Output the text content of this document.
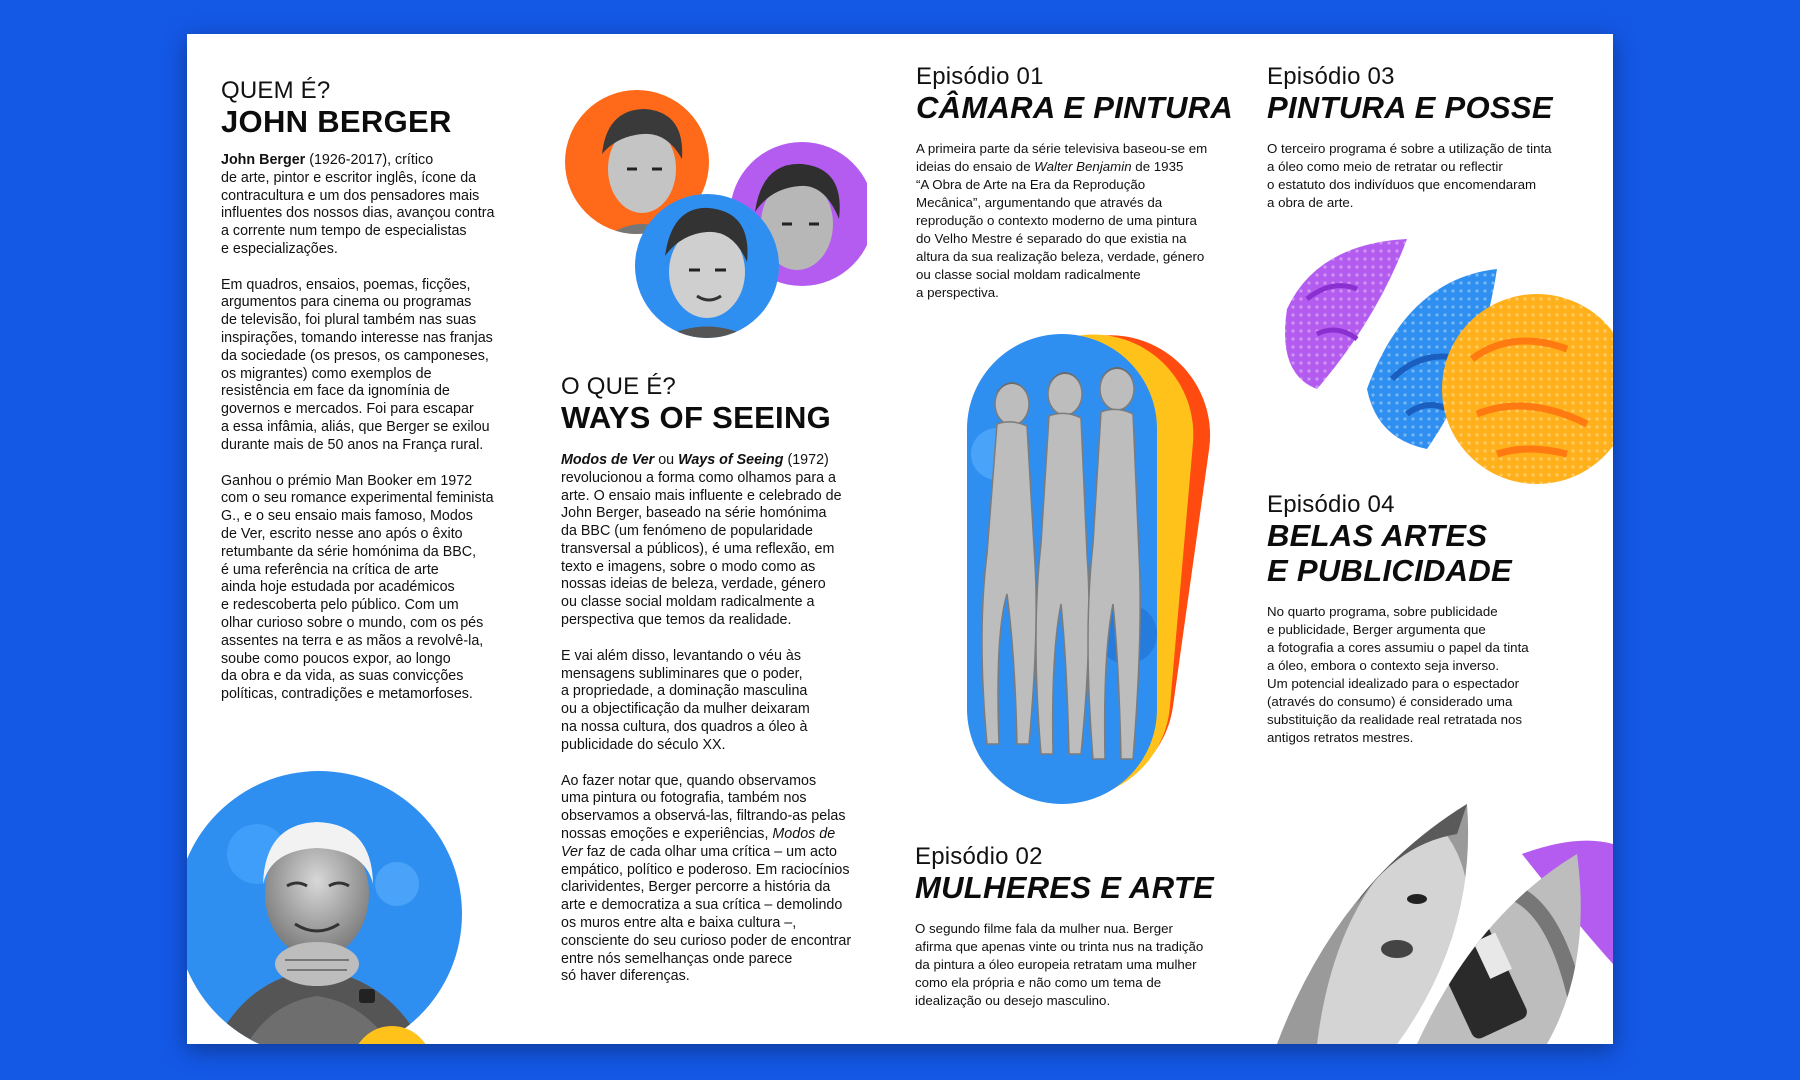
QUEM É?
JOHN BERGER

John Berger (1926-2017), crítico
de arte, pintor e escritor inglês, ícone da
contracultura e um dos pensadores mais
influentes dos nossos dias, avançou contra
a corrente num tempo de especialistas
e especializações.

Em quadros, ensaios, poemas, ficções,
argumentos para cinema ou programas
de televisão, foi plural também nas suas
inspirações, tomando interesse nas franjas
da sociedade (os presos, os camponeses,
os migrantes) como exemplos de
resistência em face da ignomínia de
governos e mercados. Foi para escapar
a essa infâmia, aliás, que Berger se exilou
durante mais de 50 anos na França rural.

Ganhou o prémio Man Booker em 1972
com o seu romance experimental feminista
G., e o seu ensaio mais famoso, Modos
de Ver, escrito nesse ano após o êxito
retumbante da série homónima da BBC,
é uma referência na crítica de arte
ainda hoje estudada por académicos
e redescoberta pelo público. Com um
olhar curioso sobre o mundo, com os pés
assentes na terra e as mãos a revolvê-la,
soube como poucos expor, ao longo
da obra e da vida, as suas convicções
políticas, contradições e metamorfoses.

O QUE É?
WAYS OF SEEING

Modos de Ver ou Ways of Seeing (1972)
revolucionou a forma como olhamos para a
arte. O ensaio mais influente e celebrado de
John Berger, baseado na série homónima
da BBC (um fenómeno de popularidade
transversal a públicos), é uma reflexão, em
texto e imagens, sobre o modo como as
nossas ideias de beleza, verdade, género
ou classe social moldam radicalmente a
perspectiva que temos da realidade.

E vai além disso, levantando o véu às
mensagens subliminares que o poder,
a propriedade, a dominação masculina
ou a objectificação da mulher deixaram
na nossa cultura, dos quadros a óleo à
publicidade do século XX.

Ao fazer notar que, quando observamos
uma pintura ou fotografia, também nos
observamos a observá-las, filtrando-as pelas
nossas emoções e experiências, Modos de
Ver faz de cada olhar uma crítica – um acto
empático, político e poderoso. Em raciocínios
clarividentes, Berger percorre a história da
arte e democratiza a sua crítica – demolindo
os muros entre alta e baixa cultura –,
consciente do seu curioso poder de encontrar
entre nós semelhanças onde parece
só haver diferenças.

Episódio 01
CÂMARA E PINTURA

A primeira parte da série televisiva baseou-se em
ideias do ensaio de Walter Benjamin de 1935
“A Obra de Arte na Era da Reprodução
Mecânica”, argumentando que através da
reprodução o contexto moderno de uma pintura
do Velho Mestre é separado do que existia na
altura da sua realização beleza, verdade, género
ou classe social moldam radicalmente
a perspectiva.

Episódio 02
MULHERES E ARTE

O segundo filme fala da mulher nua. Berger
afirma que apenas vinte ou trinta nus na tradição
da pintura a óleo europeia retratam uma mulher
como ela própria e não como um tema de
idealização ou desejo masculino.

Episódio 03
PINTURA E POSSE

O terceiro programa é sobre a utilização de tinta
a óleo como meio de retratar ou reflectir
o estatuto dos indivíduos que encomendaram
a obra de arte.

Episódio 04
BELAS ARTES
E PUBLICIDADE

No quarto programa, sobre publicidade
e publicidade, Berger argumenta que
a fotografia a cores assumiu o papel da tinta
a óleo, embora o contexto seja inverso.
Um potencial idealizado para o espectador
(através do consumo) é considerado uma
substituição da realidade real retratada nos
antigos retratos mestres.
